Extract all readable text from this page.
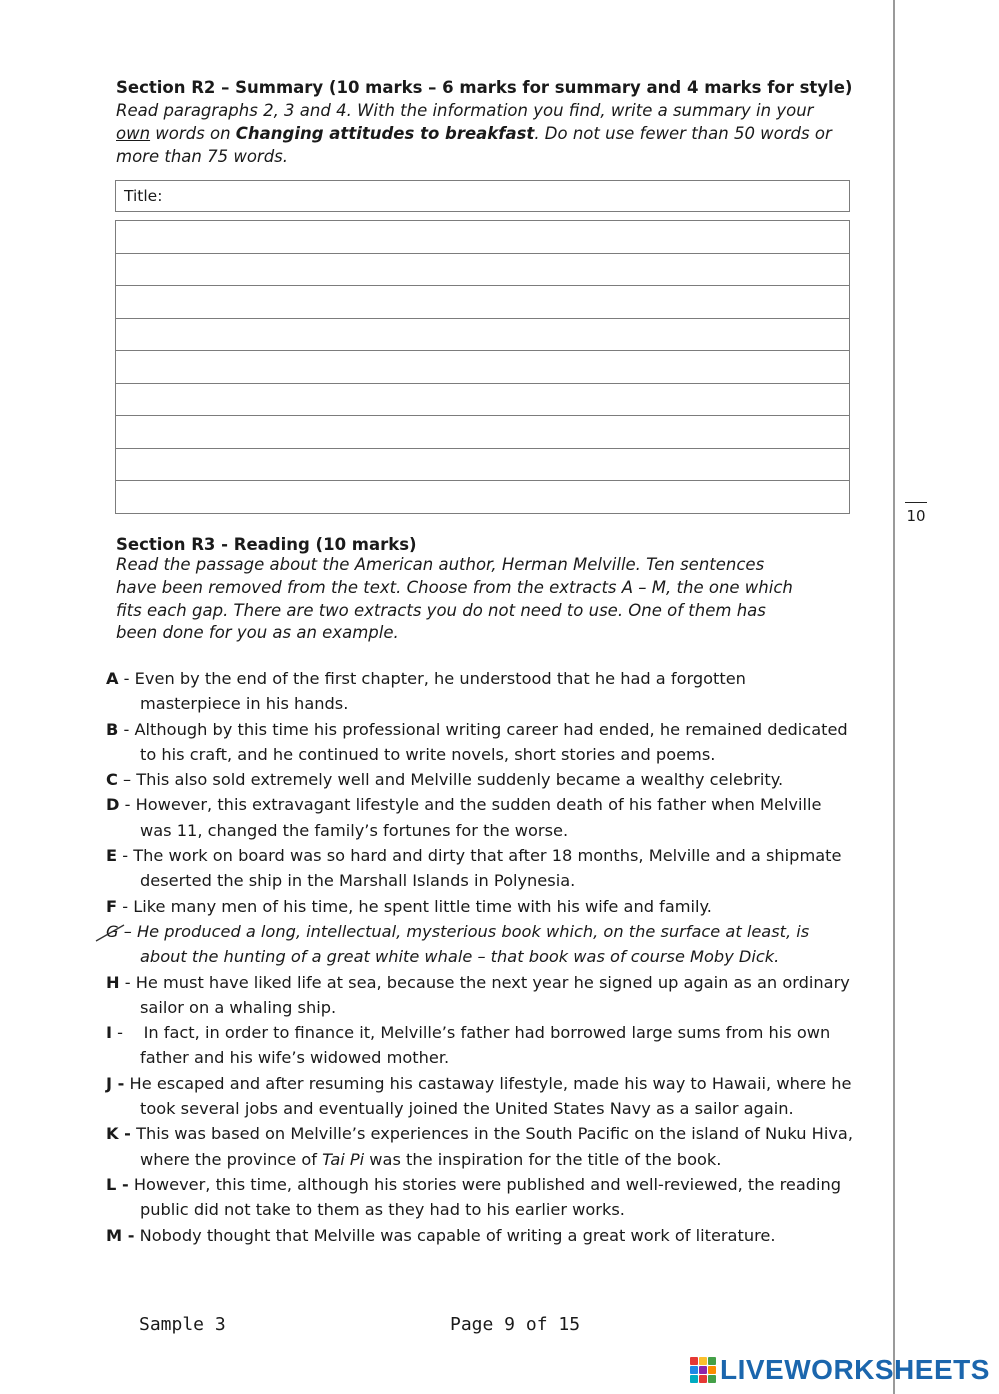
Section R2 – Summary (10 marks – 6 marks for summary and 4 marks for style)
Read paragraphs 2, 3 and 4. With the information you find, write a summary in your
own words on Changing attitudes to breakfast. Do not use fewer than 50 words or
more than 75 words.
Title:
10
Section R3 - Reading (10 marks)
Read the passage about the American author, Herman Melville. Ten sentences
have been removed from the text. Choose from the extracts A – M, the one which
fits each gap. There are two extracts you do not need to use. One of them has
been done for you as an example.
A - Even by the end of the first chapter, he understood that he had a forgotten
masterpiece in his hands.
B - Although by this time his professional writing career had ended, he remained dedicated
to his craft, and he continued to write novels, short stories and poems.
C – This also sold extremely well and Melville suddenly became a wealthy celebrity.
D - However, this extravagant lifestyle and the sudden death of his father when Melville
was 11, changed the family’s fortunes for the worse.
E - The work on board was so hard and dirty that after 18 months, Melville and a shipmate
deserted the ship in the Marshall Islands in Polynesia.
F - Like many men of his time, he spent little time with his wife and family.
G – He produced a long, intellectual, mysterious book which, on the surface at least, is
about the hunting of a great white whale – that book was of course Moby Dick.
H - He must have liked life at sea, because the next year he signed up again as an ordinary
sailor on a whaling ship.
I -    In fact, in order to finance it, Melville’s father had borrowed large sums from his own
father and his wife’s widowed mother.
J - He escaped and after resuming his castaway lifestyle, made his way to Hawaii, where he
took several jobs and eventually joined the United States Navy as a sailor again.
K - This was based on Melville’s experiences in the South Pacific on the island of Nuku Hiva,
where the province of Tai Pi was the inspiration for the title of the book.
L - However, this time, although his stories were published and well-reviewed, the reading
public did not take to them as they had to his earlier works.
M - Nobody thought that Melville was capable of writing a great work of literature.
Sample 3	Page 9 of 15
LIVEWORKSHEETS
